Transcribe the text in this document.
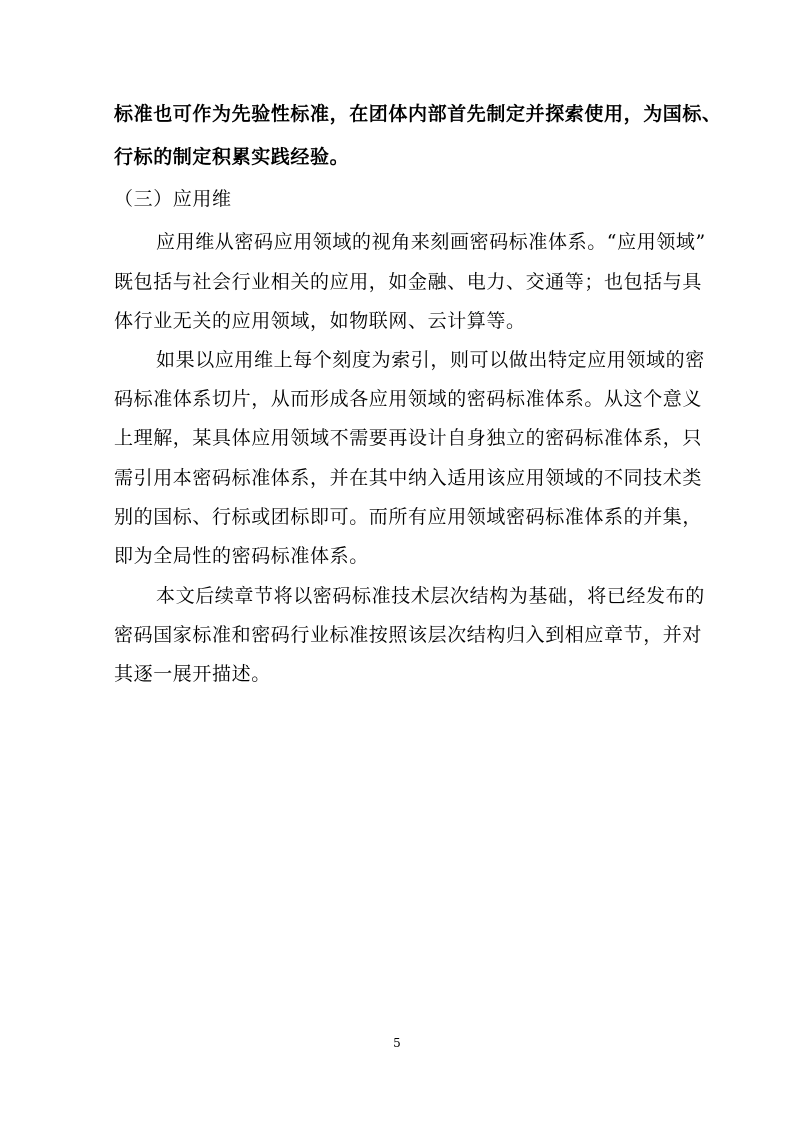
标准也可作为先验性标准，在团体内部首先制定并探索使用，为国标、
行标的制定积累实践经验。
（三）应用维
应用维从密码应用领域的视角来刻画密码标准体系。“应用领域”
既包括与社会行业相关的应用，如金融、电力、交通等；也包括与具
体行业无关的应用领域，如物联网、云计算等。
如果以应用维上每个刻度为索引，则可以做出特定应用领域的密
码标准体系切片，从而形成各应用领域的密码标准体系。从这个意义
上理解，某具体应用领域不需要再设计自身独立的密码标准体系，只
需引用本密码标准体系，并在其中纳入适用该应用领域的不同技术类
别的国标、行标或团标即可。而所有应用领域密码标准体系的并集，
即为全局性的密码标准体系。
本文后续章节将以密码标准技术层次结构为基础，将已经发布的
密码国家标准和密码行业标准按照该层次结构归入到相应章节，并对
其逐一展开描述。
5
